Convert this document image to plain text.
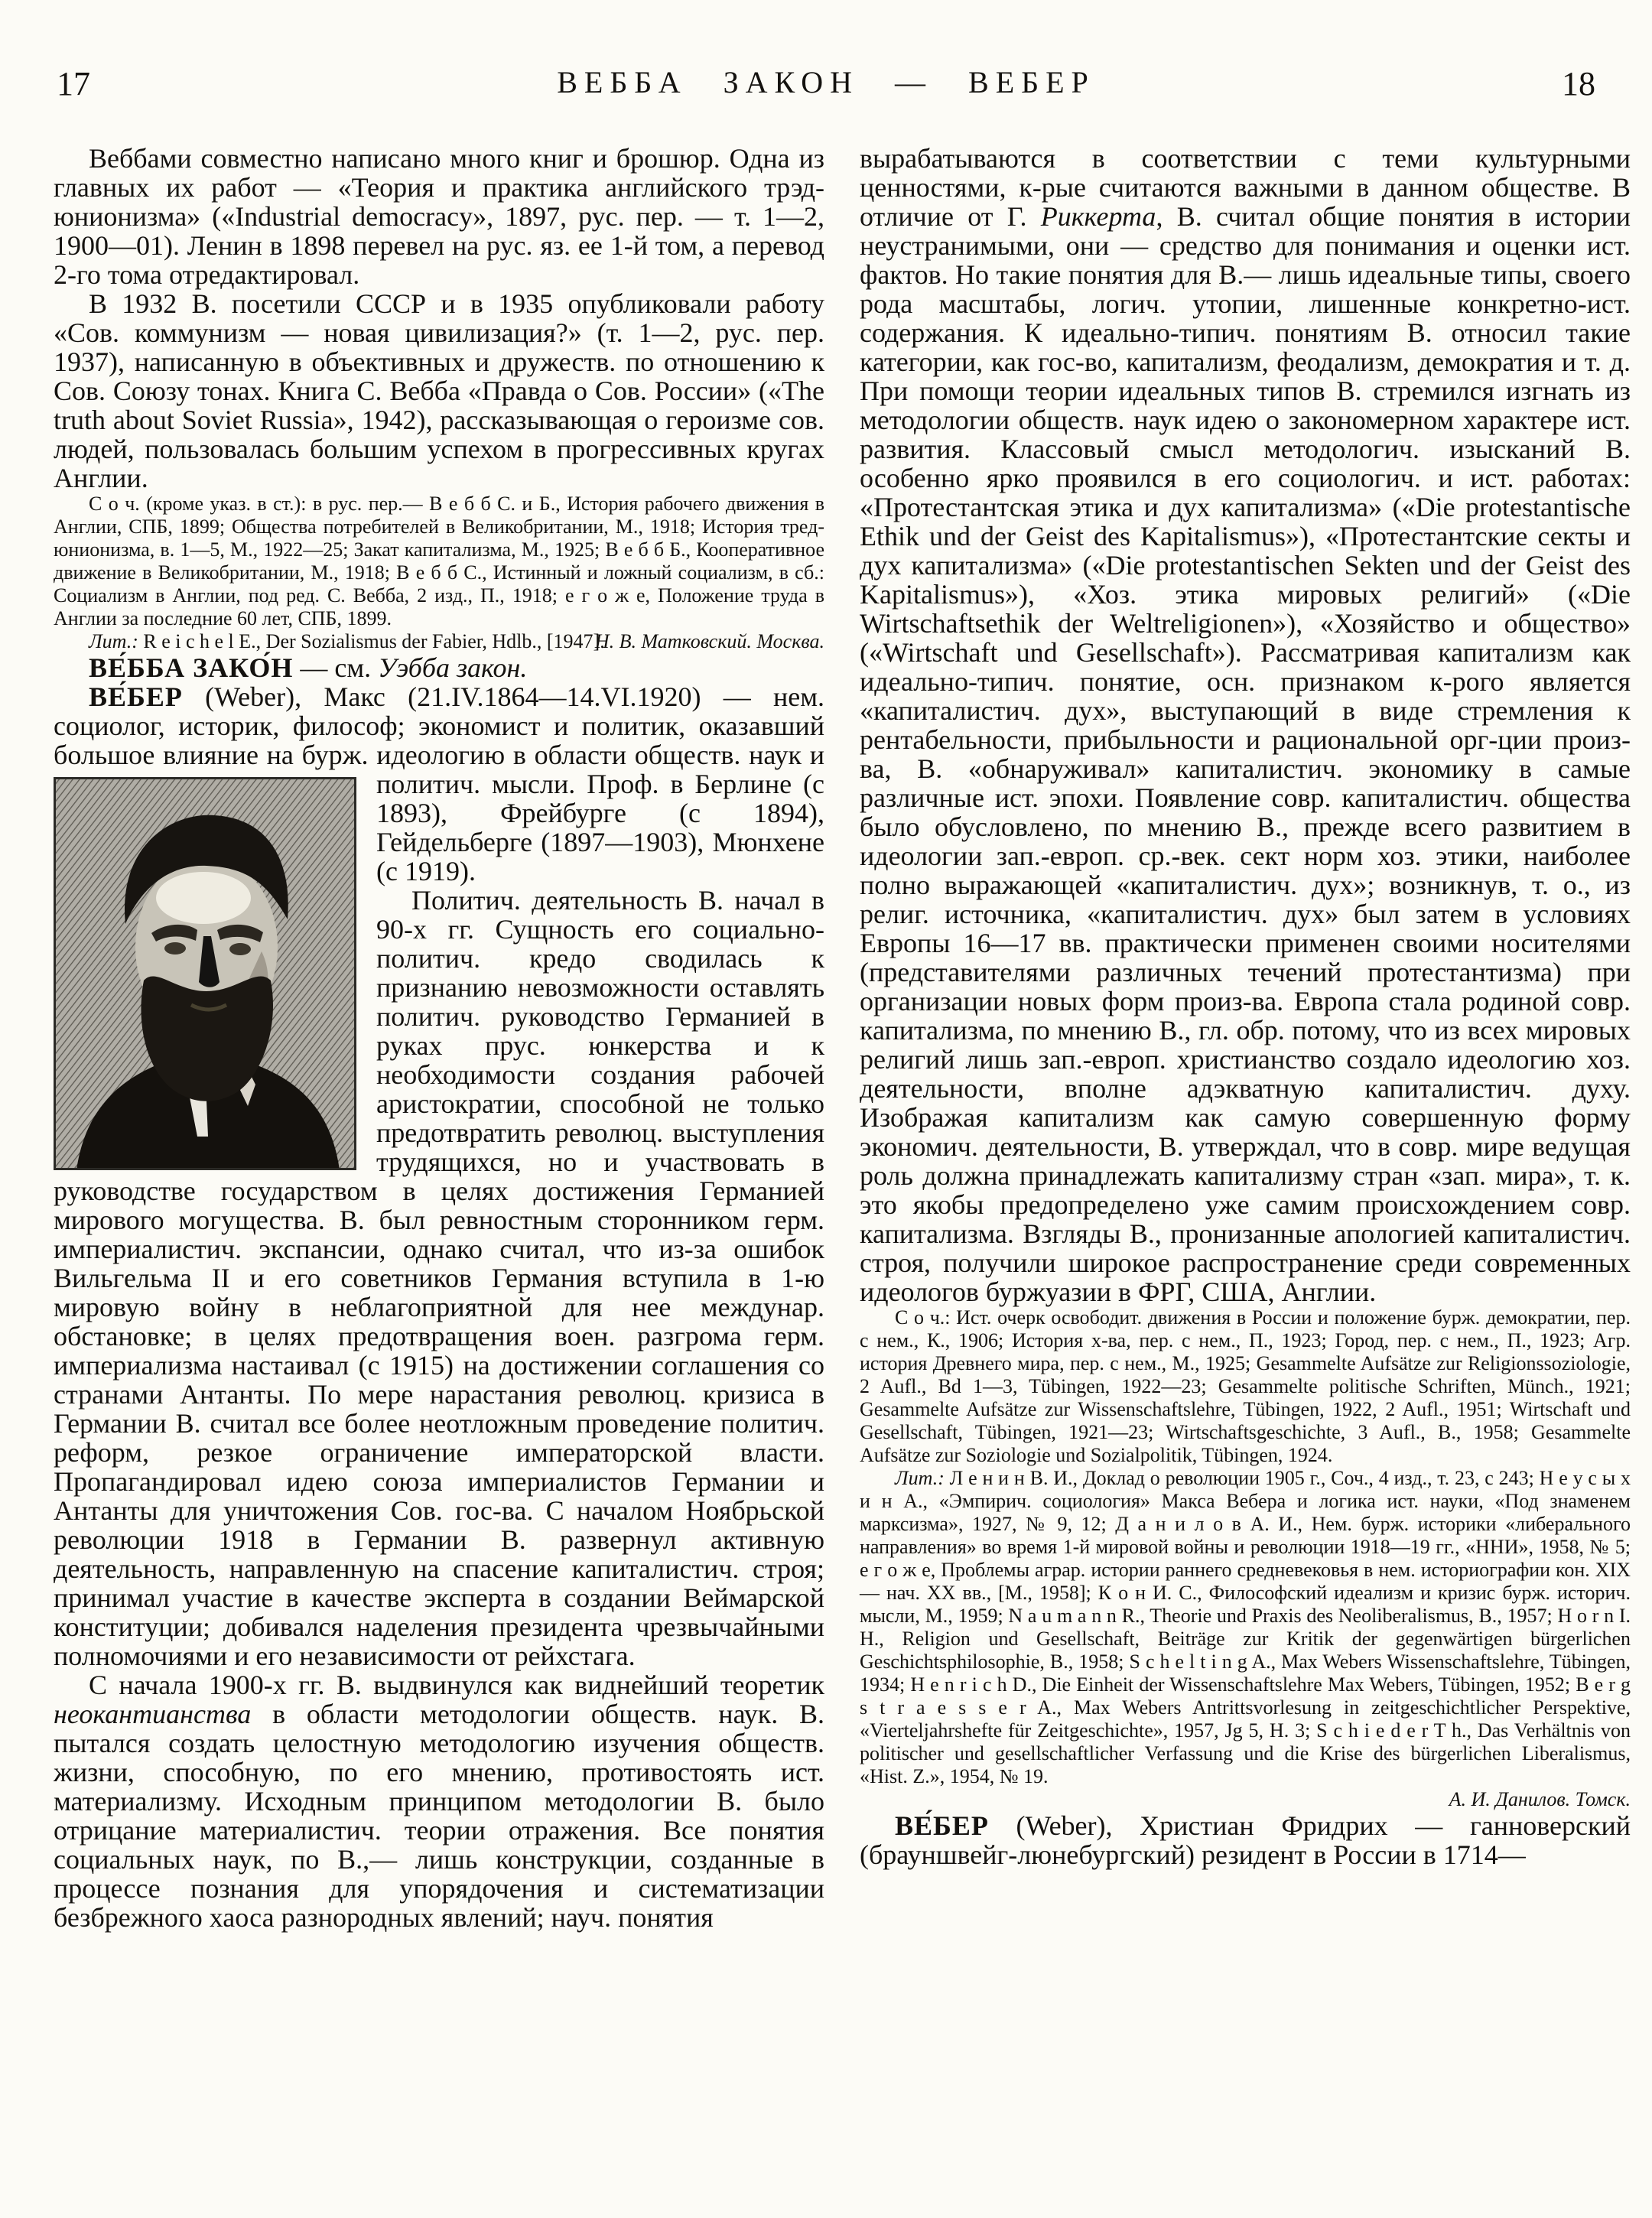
17	ВЕББА ЗАКОН — ВЕБЕР	18

Веббами совместно написано много книг и брошюр. Одна из главных их работ — «Теория и практика английского трэд-юнионизма» («Industrial democracy», 1897, рус. пер. — т. 1—2, 1900—01). Ленин в 1898 перевел на рус. яз. ее 1-й том, а перевод 2-го тома отредактировал.

В 1932 В. посетили СССР и в 1935 опубликовали работу «Сов. коммунизм — новая цивилизация?» (т. 1—2, рус. пер. 1937), написанную в объективных и дружеств. по отношению к Сов. Союзу тонах. Книга С. Вебба «Правда о Сов. России» («The truth about Soviet Russia», 1942), рассказывающая о героизме сов. людей, пользовалась большим успехом в прогрессивных кругах Англии.

С о ч. (кроме указ. в ст.): в рус. пер.— В е б б С. и Б., История рабочего движения в Англии, СПБ, 1899; Общества потребителей в Великобритании, М., 1918; История тред-юнионизма, в. 1—5, М., 1922—25; Закат капитализма, М., 1925; В е б б Б., Кооперативное движение в Великобритании, М., 1918; В е б б С., Истинный и ложный социализм, в сб.: Социализм в Англии, под ред. С. Вебба, 2 изд., П., 1918; е г о ж е, Положение труда в Англии за последние 60 лет, СПБ, 1899.

Лит.: R e i c h e l E., Der Sozialismus der Fabier, Hdlb., [1947].
Н. В. Матковский. Москва.

ВЕ́ББА ЗАКО́Н — см. Уэбба закон.

ВЕ́БЕР (Weber), Макс (21.IV.1864—14.VI.1920) — нем. социолог, историк, философ; экономист и политик, оказавший большое влияние на бурж. идеологию в области обществ. наук и политич. мысли. Проф.
в Берлине (с 1893), Фрейбурге (с 1894), Гейдельберге (1897—1903), Мюнхене (с 1919).

Политич. деятельность В. начал в 90-х гг. Сущность его социально-политич. кредо сводилась к признанию невозможности оставлять политич. руководство Германией в руках прус. юнкерства и к необходимости создания рабочей аристократии, способной не только предотвратить революц. выступления трудящихся, но и участвовать в руководстве государством в целях достижения Германией мирового могущества. В. был ревностным сторонником герм. империалистич. экспансии, однако считал, что из-за ошибок Вильгельма II и его советников Германия вступила в 1-ю мировую войну в неблагоприятной для нее междунар. обстановке; в целях предотвращения воен. разгрома герм. империализма настаивал (с 1915) на достижении соглашения со странами Антанты. По мере нарастания революц. кризиса в Германии В. считал все более неотложным проведение политич. реформ, резкое ограничение императорской власти. Пропагандировал идею союза империалистов Германии и Антанты для уничтожения Сов. гос-ва. С началом Ноябрьской революции 1918 в Германии В. развернул активную деятельность, направленную на спасение капиталистич. строя; принимал участие в качестве эксперта в создании Веймарской конституции; добивался наделения президента чрезвычайными полномочиями и его независимости от рейхстага.

С начала 1900-х гг. В. выдвинулся как виднейший теоретик неокантианства в области методологии обществ. наук. В. пытался создать целостную методологию изучения обществ. жизни, способную, по его мнению, противостоять ист. материализму. Исходным принципом методологии В. было отрицание материалистич. теории отражения. Все понятия социальных наук, по В.,— лишь конструкции, созданные в процессе познания для упорядочения и систематизации безбрежного хаоса разнородных явлений; науч. понятия

вырабатываются в соответствии с теми культурными ценностями, к-рые считаются важными в данном обществе. В отличие от Г. Риккерта, В. считал общие понятия в истории неустранимыми, они — средство для понимания и оценки ист. фактов. Но такие понятия для В.— лишь идеальные типы, своего рода масштабы, логич. утопии, лишенные конкретно-ист. содержания. К идеально-типич. понятиям В. относил такие категории, как гос-во, капитализм, феодализм, демократия и т. д. При помощи теории идеальных типов В. стремился изгнать из методологии обществ. наук идею о закономерном характере ист. развития. Классовый смысл методологич. изысканий В. особенно ярко проявился в его социологич. и ист. работах: «Протестантская этика и дух капитализма» («Die protestantische Ethik und der Geist des Kapitalismus»), «Протестантские секты и дух капитализма» («Die protestantischen Sekten und der Geist des Kapitalismus»), «Хоз. этика мировых религий» («Die Wirtschaftsethik der Weltreligionen»), «Хозяйство и общество» («Wirtschaft und Gesellschaft»). Рассматривая капитализм как идеально-типич. понятие, осн. признаком к-рого является «капиталистич. дух», выступающий в виде стремления к рентабельности, прибыльности и рациональной орг-ции произ-ва, В. «обнаруживал» капиталистич. экономику в самые различные ист. эпохи. Появление совр. капиталистич. общества было обусловлено, по мнению В., прежде всего развитием в идеологии зап.-европ. ср.-век. сект норм хоз. этики, наиболее полно выражающей «капиталистич. дух»; возникнув, т. о., из религ. источника, «капиталистич. дух» был затем в условиях Европы 16—17 вв. практически применен своими носителями (представителями различных течений протестантизма) при организации новых форм произ-ва. Европа стала родиной совр. капитализма, по мнению В., гл. обр. потому, что из всех мировых религий лишь зап.-европ. христианство создало идеологию хоз. деятельности, вполне адэкватную капиталистич. духу. Изображая капитализм как самую совершенную форму экономич. деятельности, В. утверждал, что в совр. мире ведущая роль должна принадлежать капитализму стран «зап. мира», т. к. это якобы предопределено уже самим происхождением совр. капитализма. Взгляды В., пронизанные апологией капиталистич. строя, получили широкое распространение среди современных идеологов буржуазии в ФРГ, США, Англии.

С о ч.: Ист. очерк освободит. движения в России и положение бурж. демократии, пер. с нем., К., 1906; История х-ва, пер. с нем., П., 1923; Город, пер. с нем., П., 1923; Агр. история Древнего мира, пер. с нем., М., 1925; Gesammelte Aufsätze zur Religionssoziologie, 2 Aufl., Bd 1—3, Tübingen, 1922—23; Gesammelte politische Schriften, Münch., 1921; Gesammelte Aufsätze zur Wissenschaftslehre, Tübingen, 1922, 2 Aufl., 1951; Wirtschaft und Gesellschaft, Tübingen, 1921—23; Wirtschaftsgeschichte, 3 Aufl., B., 1958; Gesammelte Aufsätze zur Soziologie und Sozialpolitik, Tübingen, 1924.

Лит.: Л е н и н В. И., Доклад о революции 1905 г., Соч., 4 изд., т. 23, с 243; Н е у с ы х и н А., «Эмпирич. социология» Макса Вебера и логика ист. науки, «Под знаменем марксизма», 1927, № 9, 12; Д а н и л о в А. И., Нем. бурж. историки «либерального направления» во время 1-й мировой войны и революции 1918—19 гг., «ННИ», 1958, № 5; е г о ж е, Проблемы аграр. истории раннего средневековья в нем. историографии кон. XIX — нач. XX вв., [М., 1958]; К о н И. С., Философский идеализм и кризис бурж. историч. мысли, М., 1959; N a u m a n n R., Theorie und Praxis des Neoliberalismus, B., 1957; H o r n I. H., Religion und Gesellschaft, Beiträge zur Kritik der gegenwärtigen bürgerlichen Geschichtsphilosophie, B., 1958; S c h e l t i n g A., Max Webers Wissenschaftslehre, Tübingen, 1934; H e n r i c h D., Die Einheit der Wissenschaftslehre Max Webers, Tübingen, 1952; B e r g s t r a e s s e r A., Max Webers Antrittsvorlesung in zeitgeschichtlicher Perspektive, «Vierteljahrshefte für Zeitgeschichte», 1957, Jg 5, H. 3; S c h i e d e r T h., Das Verhältnis von politischer und gesellschaftlicher Verfassung und die Krise des bürgerlichen Liberalismus, «Hist. Z.», 1954, № 19.

А. И. Данилов. Томск.

ВЕ́БЕР (Weber), Христиан Фридрих — ганноверский (брауншвейг-люнебургский) резидент в России в 1714—
